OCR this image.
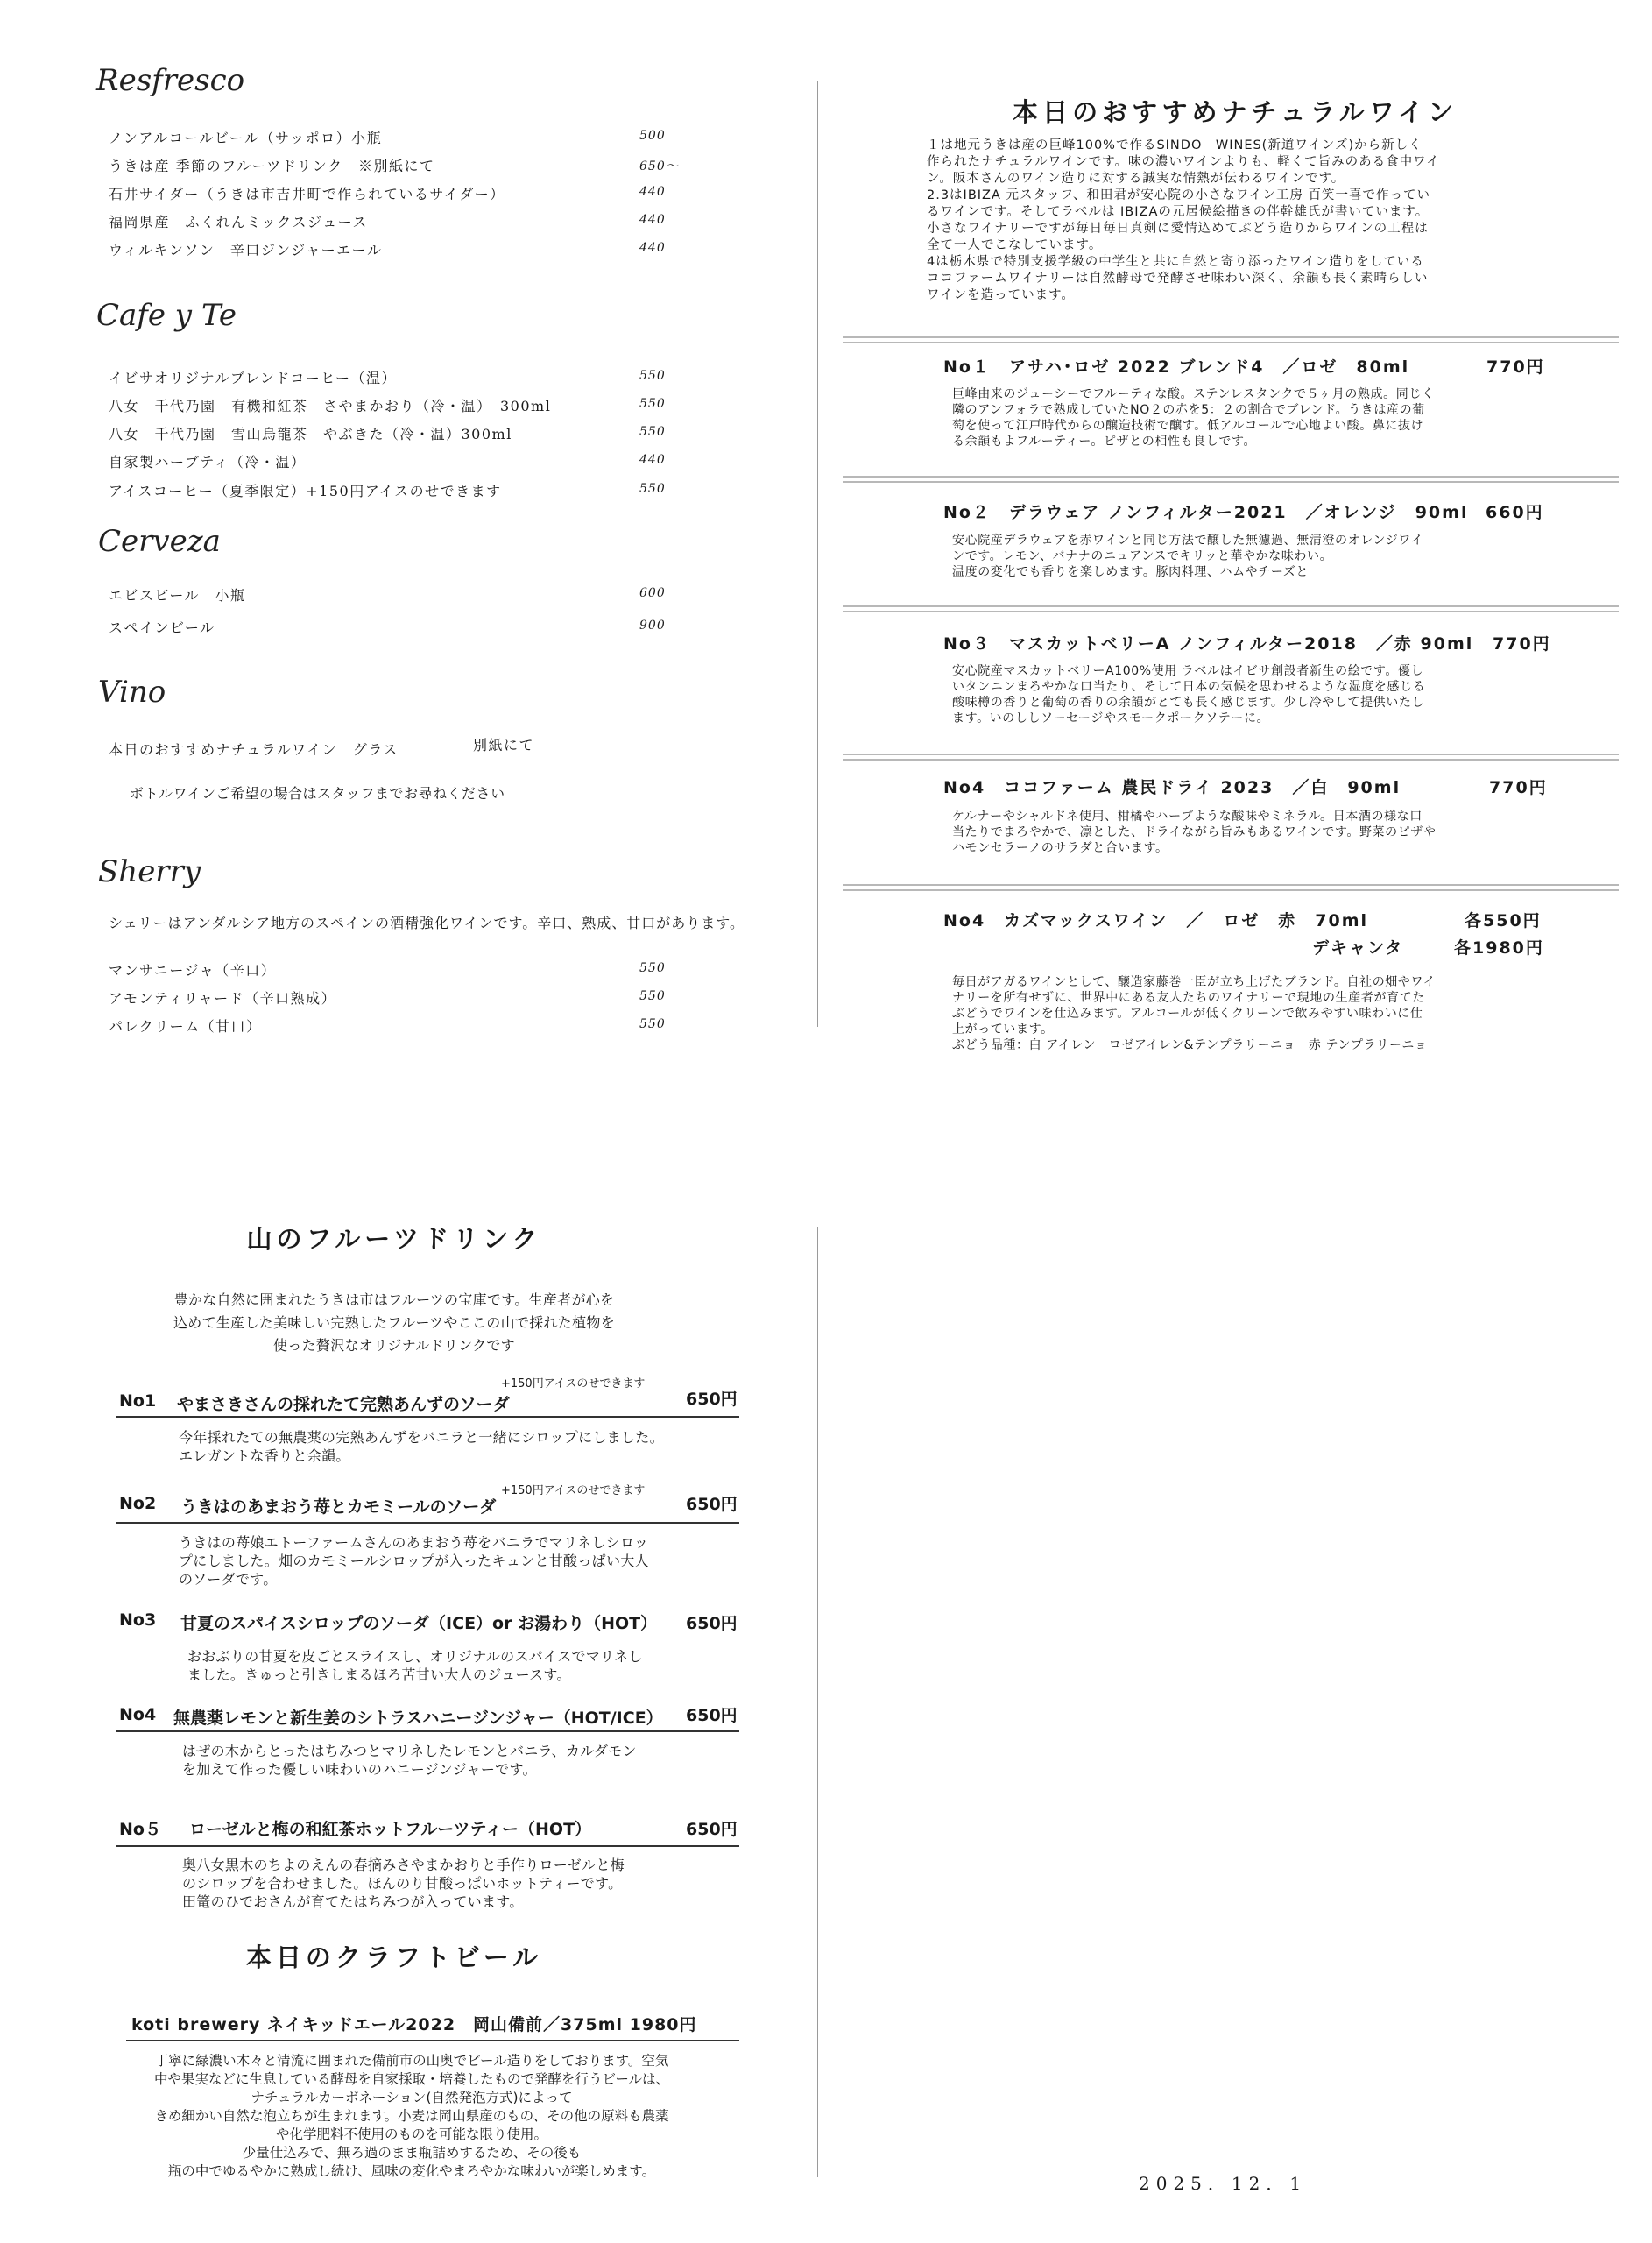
Resfresco
ノンアルコールビール（サッポロ）小瓶	500
うきは産 季節のフルーツドリンク　※別紙にて	650〜
石井サイダー（うきは市吉井町で作られているサイダー）	440
福岡県産　ふくれんミックスジュース	440
ウィルキンソン　辛口ジンジャーエール	440
Cafe y Te
イビサオリジナルブレンドコーヒー（温）	550
八女　千代乃園　有機和紅茶　さやまかおり（冷・温）　300ml	550
八女　千代乃園　雪山烏龍茶　やぶきた（冷・温）300ml	550
自家製ハーブティ（冷・温）	440
アイスコーヒー（夏季限定）+150円アイスのせできます	550
Cerveza
エビスビール　小瓶	600
スペインビール	900
Vino
本日のおすすめナチュラルワイン　グラス	別紙にて
ボトルワインご希望の場合はスタッフまでお尋ねください
Sherry
シェリーはアンダルシア地方のスペインの酒精強化ワインです。辛口、熟成、甘口があります。
マンサニージャ（辛口）	550
アモンティリャード（辛口熟成）	550
パレクリーム（甘口）	550
本日のおすすめナチュラルワイン
１は地元うきは産の巨峰100%で作るSINDO　WINES(新道ワインズ)から新しく
作られたナチュラルワインです。味の濃いワインよりも、軽くて旨みのある食中ワイ
ン。阪本さんのワイン造りに対する誠実な情熱が伝わるワインです。
2.3はIBIZA 元スタッフ、和田君が安心院の小さなワイン工房 百笑一喜で作ってい
るワインです。そしてラベルは IBIZAの元居候絵描きの伴幹雄氏が書いています。
小さなワイナリーですが毎日毎日真剣に愛情込めてぶどう造りからワインの工程は
全て一人でこなしています。
4は栃木県で特別支援学級の中学生と共に自然と寄り添ったワイン造りをしている
ココファームワイナリーは自然酵母で発酵させ味わい深く、余韻も長く素晴らしい
ワインを造っています。
No１　アサハ･ロゼ 2022 ブレンド4　／ロゼ　80ml	770円
巨峰由来のジューシーでフルーティな酸。ステンレスタンクで５ヶ月の熟成。同じく
隣のアンフォラで熟成していたNO２の赤を5：２の割合でブレンド。うきは産の葡
萄を使って江戸時代からの醸造技術で醸す。低アルコールで心地よい酸。鼻に抜け
る余韻もよフルーティー。ピザとの相性も良しです。
No２　デラウェア ノンフィルター2021　／オレンジ　90ml 660円
安心院産デラウェアを赤ワインと同じ方法で醸した無濾過、無清澄のオレンジワイ
ンです。レモン、バナナのニュアンスでキリッと華やかな味わい。
温度の変化でも香りを楽しめます。豚肉料理、ハムやチーズと
No３　マスカットベリーA ノンフィルター2018　／赤 90ml 770円
安心院産マスカットベリーA100%使用 ラベルはイビサ創設者新生の絵です。優し
いタンニンまろやかな口当たり、そして日本の気候を思わせるような湿度を感じる
酸味樽の香りと葡萄の香りの余韻がとても長く感じます。少し冷やして提供いたし
ます。いのししソーセージやスモークポークソテーに。
No4　ココファーム 農民ドライ 2023　／白　90ml	770円
ケルナーやシャルドネ使用、柑橘やハーブような酸味やミネラル。日本酒の様な口
当たりでまろやかで、凛とした、ドライながら旨みもあるワインです。野菜のピザや
ハモンセラーノのサラダと合います。
No4　カズマックスワイン　／　ロゼ　赤　70ml	各550円
デキャンタ	各1980円
毎日がアガるワインとして、醸造家藤巻一臣が立ち上げたブランド。自社の畑やワイ
ナリーを所有せずに、世界中にある友人たちのワイナリーで現地の生産者が育てた
ぶどうでワインを仕込みます。アルコールが低くクリーンで飲みやすい味わいに仕
上がっています。
ぶどう品種：白 アイレン　ロゼアイレン&テンプラリーニョ　赤 テンプラリーニョ
山のフルーツドリンク
豊かな自然に囲まれたうきは市はフルーツの宝庫です。生産者が心を
込めて生産した美味しい完熟したフルーツやここの山で採れた植物を
使った贅沢なオリジナルドリンクです
+150円アイスのせできます
No1 やまさきさんの採れたて完熟あんずのソーダ	650円
今年採れたての無農薬の完熟あんずをバニラと一緒にシロップにしました。
エレガントな香りと余韻。
+150円アイスのせできます
No2 うきはのあまおう苺とカモミールのソーダ	650円
うきはの苺娘エトーファームさんのあまおう苺をバニラでマリネしシロッ
プにしました。畑のカモミールシロップが入ったキュンと甘酸っぱい大人
のソーダです。
No3 甘夏のスパイスシロップのソーダ（ICE）or お湯わり（HOT） 650円
おおぶりの甘夏を皮ごとスライスし、オリジナルのスパイスでマリネし
ました。きゅっと引きしまるほろ苦甘い大人のジュースす。
No4 無農薬レモンと新生姜のシトラスハニージンジャー（HOT/ICE） 650円
はぜの木からとったはちみつとマリネしたレモンとバニラ、カルダモン
を加えて作った優しい味わいのハニージンジャーです。
No５ ローゼルと梅の和紅茶ホットフルーツティー（HOT）	650円
奥八女黒木のちよのえんの春摘みさやまかおりと手作りローゼルと梅
のシロップを合わせました。ほんのり甘酸っぱいホットティーです。
田篭のひでおさんが育てたはちみつが入っています。
本日のクラフトビール
koti brewery ネイキッドエール2022　岡山備前／375ml 1980円
丁寧に緑濃い木々と清流に囲まれた備前市の山奥でビール造りをしております。空気
中や果実などに生息している酵母を自家採取・培養したもので発酵を行うビールは、
ナチュラルカーボネーション(自然発泡方式)によって
きめ細かい自然な泡立ちが生まれます。小麦は岡山県産のもの、その他の原料も農薬
や化学肥料不使用のものを可能な限り使用。
少量仕込みで、無ろ過のまま瓶詰めするため、その後も
瓶の中でゆるやかに熟成し続け、風味の変化やまろやかな味わいが楽しめます。
2025．12．1
